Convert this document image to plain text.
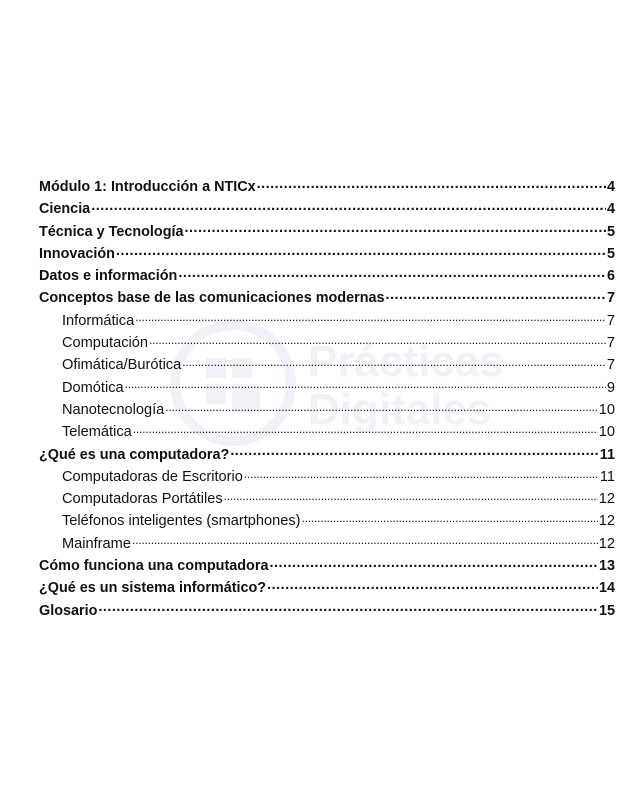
Prácticas
Digitales
Módulo 1: Introducción a NTICx .....	4
Ciencia .....	4
Técnica y Tecnología .....	5
Innovación .....	5
Datos e información .....	6
Conceptos base de las comunicaciones modernas .....	7
Informática .....	7
Computación .....	7
Ofimática/Burótica .....	7
Domótica .....	9
Nanotecnología .....	10
Telemática .....	10
¿Qué es una computadora? .....	11
Computadoras de Escritorio .....	11
Computadoras Portátiles .....	12
Teléfonos inteligentes (smartphones) .....	12
Mainframe .....	12
Cómo funciona una computadora .....	13
¿Qué es un sistema informático? .....	14
Glosario .....	15
